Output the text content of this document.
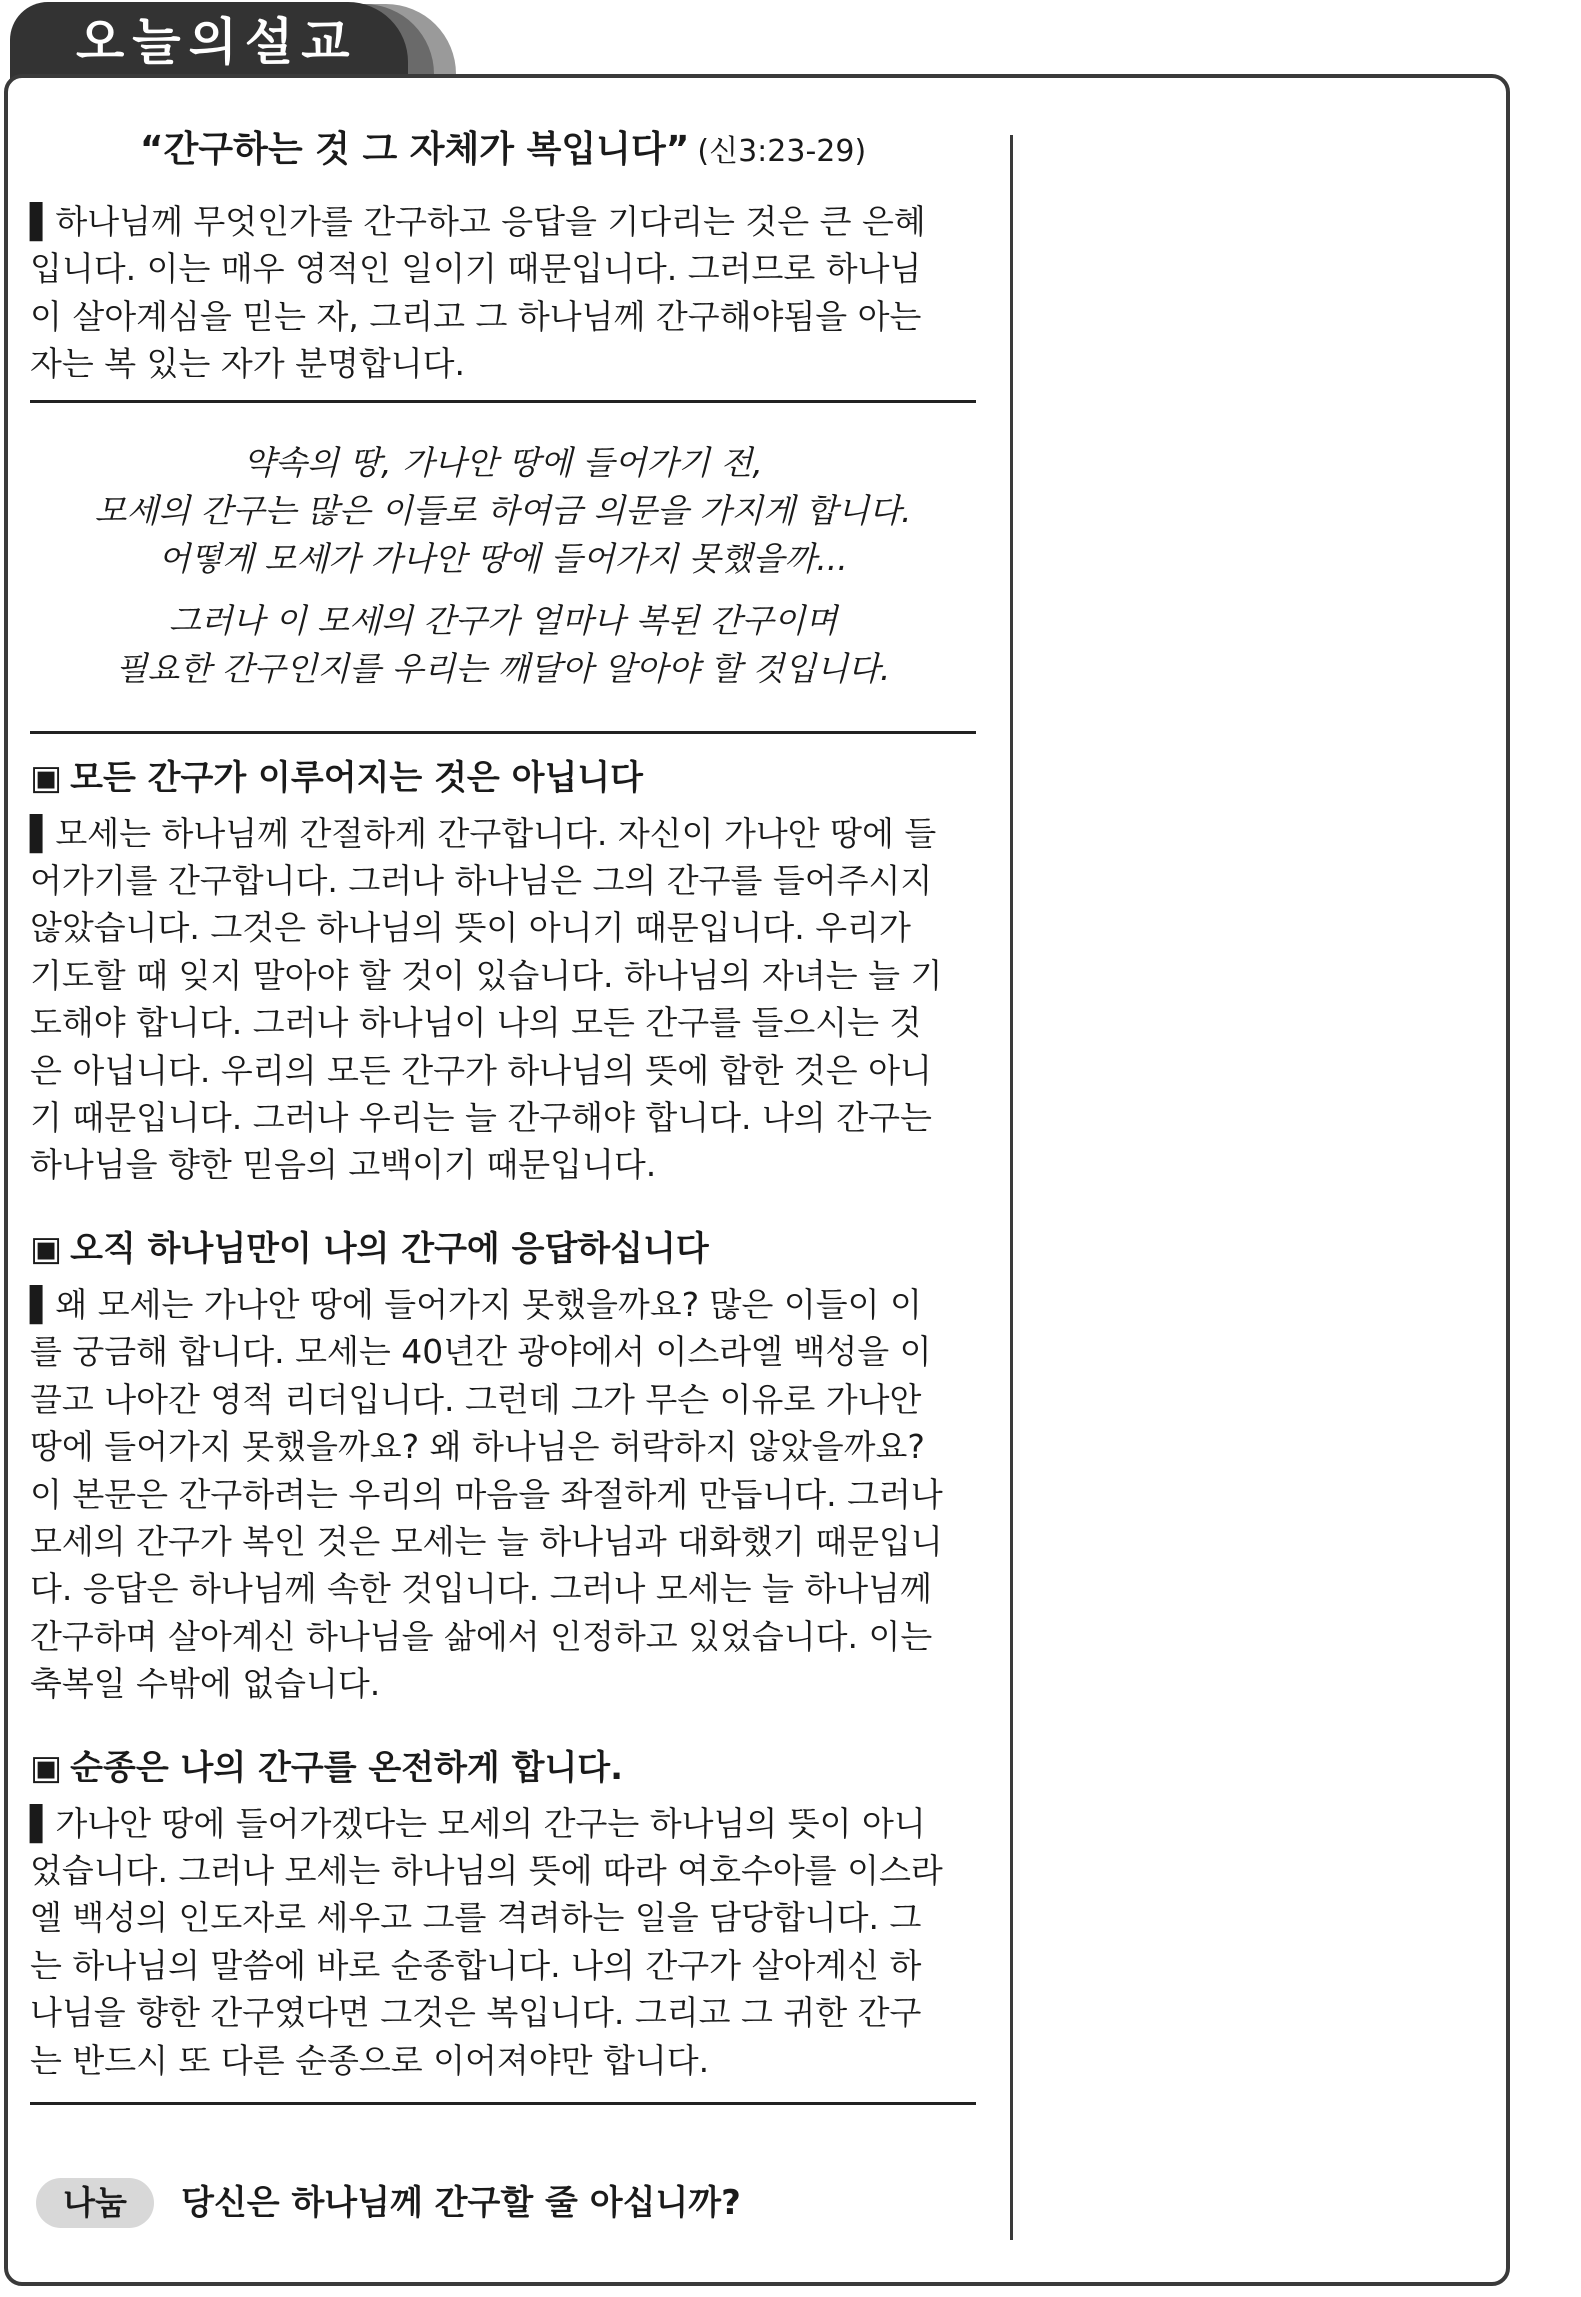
오늘의설교
“간구하는 것 그 자체가 복입니다” (신3:23-29)

▌하나님께 무엇인가를 간구하고 응답을 기다리는 것은 큰 은혜
입니다. 이는 매우 영적인 일이기 때문입니다. 그러므로 하나님
이 살아계심을 믿는 자, 그리고 그 하나님께 간구해야됨을 아는
자는 복 있는 자가 분명합니다.

약속의 땅, 가나안 땅에 들어가기 전,
모세의 간구는 많은 이들로 하여금 의문을 가지게 합니다.
어떻게 모세가 가나안 땅에 들어가지 못했을까...
그러나 이 모세의 간구가 얼마나 복된 간구이며
필요한 간구인지를 우리는 깨달아 알아야 할 것입니다.
▣ 모든 간구가 이루어지는 것은 아닙니다

▌모세는 하나님께 간절하게 간구합니다. 자신이 가나안 땅에 들
어가기를 간구합니다. 그러나 하나님은 그의 간구를 들어주시지
않았습니다. 그것은 하나님의 뜻이 아니기 때문입니다. 우리가
기도할 때 잊지 말아야 할 것이 있습니다. 하나님의 자녀는 늘 기
도해야 합니다. 그러나 하나님이 나의 모든 간구를 들으시는 것
은 아닙니다. 우리의 모든 간구가 하나님의 뜻에 합한 것은 아니
기 때문입니다. 그러나 우리는 늘 간구해야 합니다. 나의 간구는
하나님을 향한 믿음의 고백이기 때문입니다.

▣ 오직 하나님만이 나의 간구에 응답하십니다

▌왜 모세는 가나안 땅에 들어가지 못했을까요? 많은 이들이 이
를 궁금해 합니다. 모세는 40년간 광야에서 이스라엘 백성을 이
끌고 나아간 영적 리더입니다. 그런데 그가 무슨 이유로 가나안
땅에 들어가지 못했을까요? 왜 하나님은 허락하지 않았을까요?
이 본문은 간구하려는 우리의 마음을 좌절하게 만듭니다. 그러나
모세의 간구가 복인 것은 모세는 늘 하나님과 대화했기 때문입니
다. 응답은 하나님께 속한 것입니다. 그러나 모세는 늘 하나님께
간구하며 살아계신 하나님을 삶에서 인정하고 있었습니다. 이는
축복일 수밖에 없습니다.

▣ 순종은 나의 간구를 온전하게 합니다.

▌가나안 땅에 들어가겠다는 모세의 간구는 하나님의 뜻이 아니
었습니다. 그러나 모세는 하나님의 뜻에 따라 여호수아를 이스라
엘 백성의 인도자로 세우고 그를 격려하는 일을 담당합니다. 그
는 하나님의 말씀에 바로 순종합니다. 나의 간구가 살아계신 하
나님을 향한 간구였다면 그것은 복입니다. 그리고 그 귀한 간구
는 반드시 또 다른 순종으로 이어져야만 합니다.

나눔 당신은 하나님께 간구할 줄 아십니까?
